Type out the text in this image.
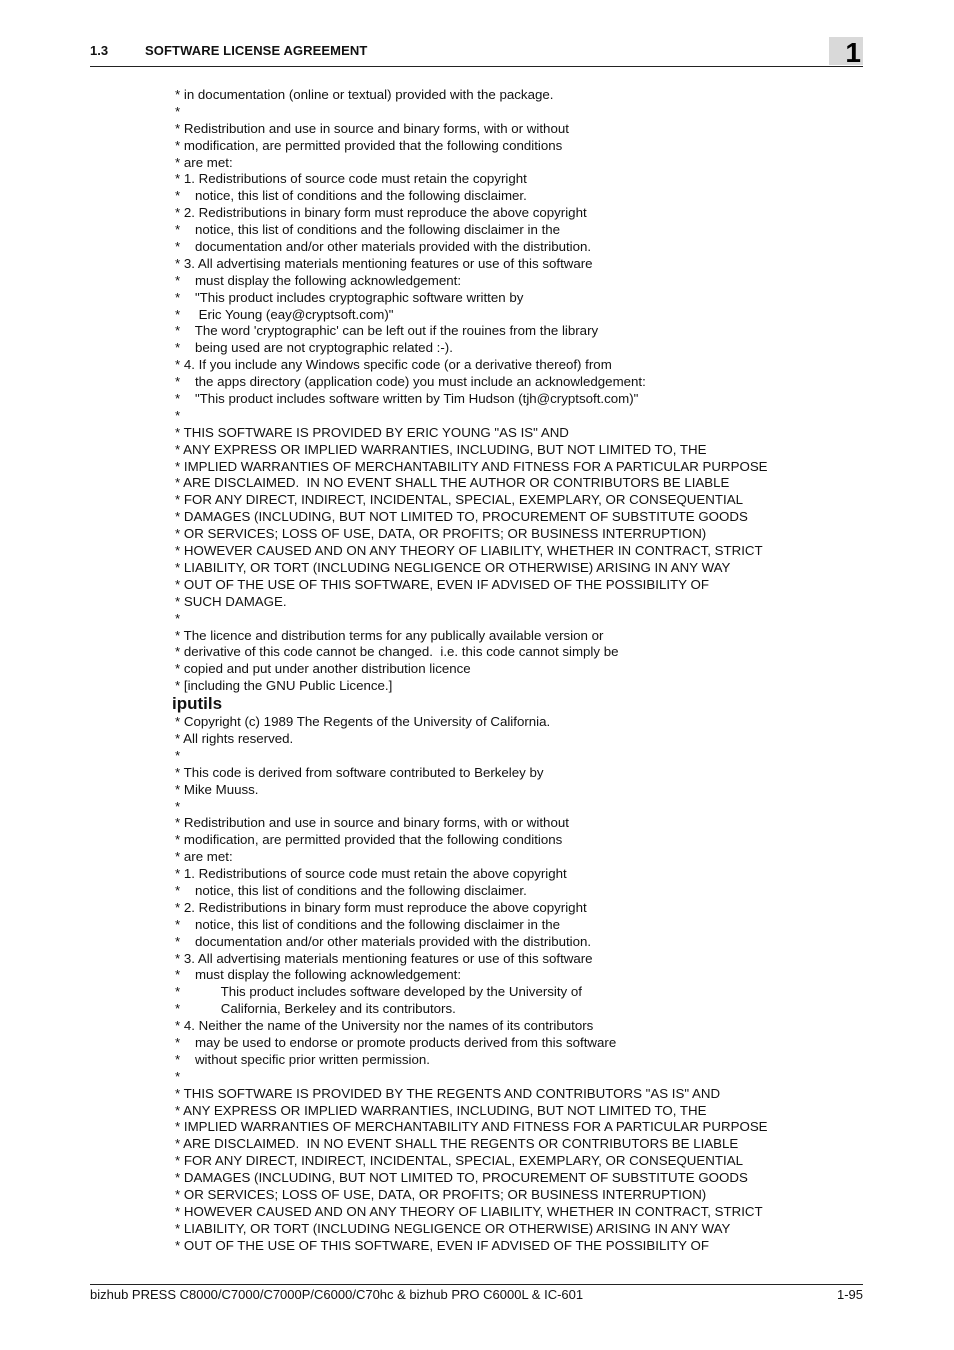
1.3	SOFTWARE LICENSE AGREEMENT	1
* in documentation (online or textual) provided with the package.
*
* Redistribution and use in source and binary forms, with or without
* modification, are permitted provided that the following conditions
* are met:
* 1. Redistributions of source code must retain the copyright
*    notice, this list of conditions and the following disclaimer.
* 2. Redistributions in binary form must reproduce the above copyright
*    notice, this list of conditions and the following disclaimer in the
*    documentation and/or other materials provided with the distribution.
* 3. All advertising materials mentioning features or use of this software
*    must display the following acknowledgement:
*    "This product includes cryptographic software written by
*     Eric Young (eay@cryptsoft.com)"
*    The word 'cryptographic' can be left out if the rouines from the library
*    being used are not cryptographic related :-).
* 4. If you include any Windows specific code (or a derivative thereof) from
*    the apps directory (application code) you must include an acknowledgement:
*    "This product includes software written by Tim Hudson (tjh@cryptsoft.com)"
*
* THIS SOFTWARE IS PROVIDED BY ERIC YOUNG "AS IS" AND
* ANY EXPRESS OR IMPLIED WARRANTIES, INCLUDING, BUT NOT LIMITED TO, THE
* IMPLIED WARRANTIES OF MERCHANTABILITY AND FITNESS FOR A PARTICULAR PURPOSE
* ARE DISCLAIMED.  IN NO EVENT SHALL THE AUTHOR OR CONTRIBUTORS BE LIABLE
* FOR ANY DIRECT, INDIRECT, INCIDENTAL, SPECIAL, EXEMPLARY, OR CONSEQUENTIAL
* DAMAGES (INCLUDING, BUT NOT LIMITED TO, PROCUREMENT OF SUBSTITUTE GOODS
* OR SERVICES; LOSS OF USE, DATA, OR PROFITS; OR BUSINESS INTERRUPTION)
* HOWEVER CAUSED AND ON ANY THEORY OF LIABILITY, WHETHER IN CONTRACT, STRICT
* LIABILITY, OR TORT (INCLUDING NEGLIGENCE OR OTHERWISE) ARISING IN ANY WAY
* OUT OF THE USE OF THIS SOFTWARE, EVEN IF ADVISED OF THE POSSIBILITY OF
* SUCH DAMAGE.
*
* The licence and distribution terms for any publically available version or
* derivative of this code cannot be changed.  i.e. this code cannot simply be
* copied and put under another distribution licence
* [including the GNU Public Licence.]
iputils
* Copyright (c) 1989 The Regents of the University of California.
* All rights reserved.
*
* This code is derived from software contributed to Berkeley by
* Mike Muuss.
*
* Redistribution and use in source and binary forms, with or without
* modification, are permitted provided that the following conditions
* are met:
* 1. Redistributions of source code must retain the above copyright
*    notice, this list of conditions and the following disclaimer.
* 2. Redistributions in binary form must reproduce the above copyright
*    notice, this list of conditions and the following disclaimer in the
*    documentation and/or other materials provided with the distribution.
* 3. All advertising materials mentioning features or use of this software
*    must display the following acknowledgement:
*           This product includes software developed by the University of
*           California, Berkeley and its contributors.
* 4. Neither the name of the University nor the names of its contributors
*    may be used to endorse or promote products derived from this software
*    without specific prior written permission.
*
* THIS SOFTWARE IS PROVIDED BY THE REGENTS AND CONTRIBUTORS "AS IS" AND
* ANY EXPRESS OR IMPLIED WARRANTIES, INCLUDING, BUT NOT LIMITED TO, THE
* IMPLIED WARRANTIES OF MERCHANTABILITY AND FITNESS FOR A PARTICULAR PURPOSE
* ARE DISCLAIMED.  IN NO EVENT SHALL THE REGENTS OR CONTRIBUTORS BE LIABLE
* FOR ANY DIRECT, INDIRECT, INCIDENTAL, SPECIAL, EXEMPLARY, OR CONSEQUENTIAL
* DAMAGES (INCLUDING, BUT NOT LIMITED TO, PROCUREMENT OF SUBSTITUTE GOODS
* OR SERVICES; LOSS OF USE, DATA, OR PROFITS; OR BUSINESS INTERRUPTION)
* HOWEVER CAUSED AND ON ANY THEORY OF LIABILITY, WHETHER IN CONTRACT, STRICT
* LIABILITY, OR TORT (INCLUDING NEGLIGENCE OR OTHERWISE) ARISING IN ANY WAY
* OUT OF THE USE OF THIS SOFTWARE, EVEN IF ADVISED OF THE POSSIBILITY OF
bizhub PRESS C8000/C7000/C7000P/C6000/C70hc & bizhub PRO C6000L & IC-601	1-95
